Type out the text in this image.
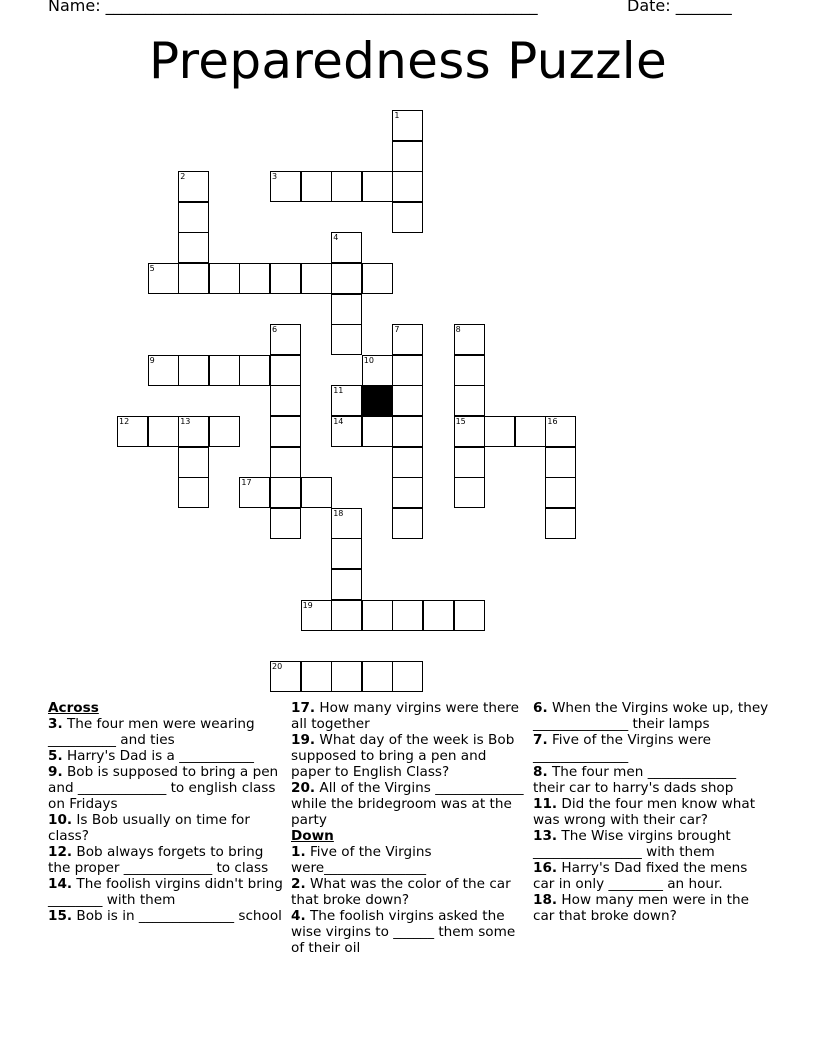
Name: ______________________________________________________	Date: _______
Preparedness Puzzle
1
2	3
4
5
6	7	8
9	10
11
12	13	14	15	16
17
18
19
20
Across
3. The four men were wearing __________ and ties
5. Harry's Dad is a ___________
9. Bob is supposed to bring a pen and _____________ to english class on Fridays
10. Is Bob usually on time for class?
12. Bob always forgets to bring the proper _____________ to class
14. The foolish virgins didn't bring ________ with them
15. Bob is in ______________ school
17. How many virgins were there all together
19. What day of the week is Bob supposed to bring a pen and paper to English Class?
20. All of the Virgins _____________ while the bridegroom was at the party
Down
1. Five of the Virgins were_______________
2. What was the color of the car that broke down?
4. The foolish virgins asked the wise virgins to ______ them some of their oil
6. When the Virgins woke up, they ______________ their lamps
7. Five of the Virgins were ______________
8. The four men _____________ their car to harry's dads shop
11. Did the four men know what was wrong with their car?
13. The Wise virgins brought ________________ with them
16. Harry's Dad fixed the mens car in only ________ an hour.
18. How many men were in the car that broke down?
